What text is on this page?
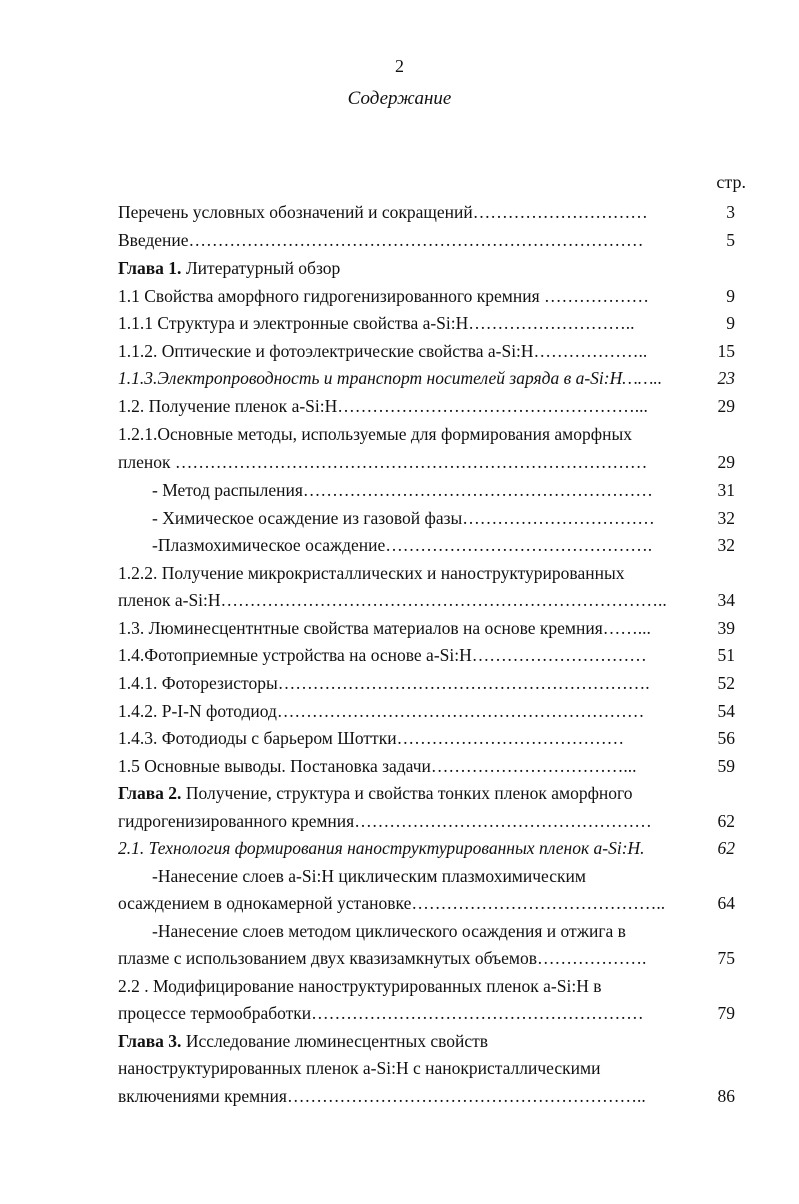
2
Содержание
стр.
Перечень условных обозначений и сокращений…………………………	3
Введение……………………………………………………………………	5
Глава 1. Литературный обзор
1.1 Свойства аморфного гидрогенизированного кремния ………………	9
1.1.1 Структура и электронные свойства a-Si:H………………………..	9
1.1.2. Оптические и фотоэлектрические свойства a-Si:H………………..	15
1.1.3.Электропроводность и транспорт носителей заряда в a-Si:H……..	23
1.2. Получение пленок a-Si:H……………………………………………...	29
1.2.1.Основные методы, используемые для формирования аморфных
пленок ………………………………………………………………………	29
- Метод распыления……………………………………………………	31
- Химическое осаждение из газовой фазы……………………………	32
-Плазмохимическое осаждение……………………………………….	32
1.2.2. Получение микрокристаллических и наноструктурированных
пленок a-Si:H…………………………………………………………………..	34
1.3. Люминесцентнтные свойства материалов на основе кремния……...	39
1.4.Фотоприемные устройства на основе a-Si:H…………………………	51
1.4.1. Фоторезисторы……………………………………………………….	52
1.4.2. P-I-N фотодиод………………………………………………………	54
1.4.3. Фотодиоды с барьером Шоттки…………………………………	56
1.5 Основные выводы. Постановка задачи……………………………...	59
Глава 2. Получение, структура и свойства тонких пленок аморфного
гидрогенизированного кремния……………………………………………	62
2.1. Технология формирования наноструктурированных пленок a-Si:H.	62
-Нанесение слоев a-Si:H циклическим плазмохимическим
осаждением в однокамерной установке……………………………………..	64
-Нанесение слоев методом циклического осаждения и отжига в
плазме с использованием двух квазизамкнутых объемов……………….	75
2.2 . Модифицирование наноструктурированных пленок a-Si:H в
процессе термообработки…………………………………………………	79
Глава 3. Исследование люминесцентных свойств
наноструктурированных пленок a-Si:H с нанокристаллическими
включениями кремния……………………………………………………..	86
